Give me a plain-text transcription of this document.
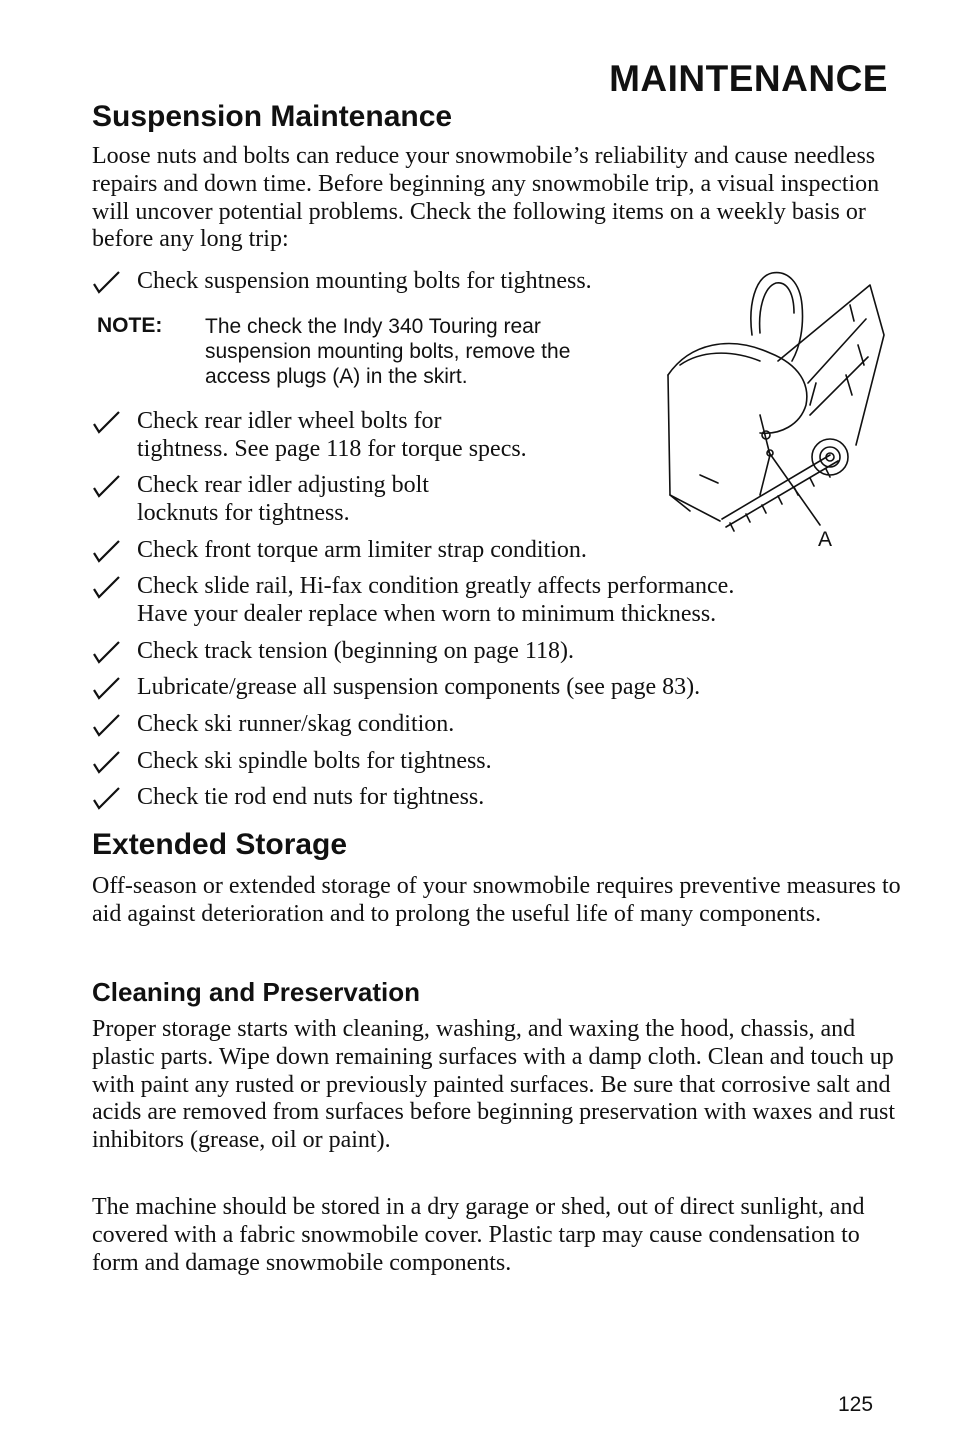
MAINTENANCE
Suspension Maintenance
Loose nuts and bolts can reduce your snowmobile’s reliability and cause needless repairs and down time. Before beginning any snowmobile trip, a visual inspection will uncover potential problems. Check the following items on a weekly basis or before any long trip:
Check suspension mounting bolts for tightness.
NOTE: The check the Indy 340 Touring rear suspension mounting bolts, remove the access plugs (A) in the skirt.
Check rear idler wheel bolts for
tightness. See page 118 for torque specs.
Check rear idler adjusting bolt
locknuts for tightness.
Check front torque arm limiter strap condition.
Check slide rail, Hi-fax condition greatly affects performance.
Have your dealer replace when worn to minimum thickness.
Check track tension (beginning on page 118).
Lubricate/grease all suspension components (see page 83).
Check ski runner/skag condition.
Check ski spindle bolts for tightness.
Check tie rod end nuts for tightness.
A
Extended Storage
Off-season or extended storage of your snowmobile requires preventive measures to aid against deterioration and to prolong the useful life of many components.
Cleaning and Preservation
Proper storage starts with cleaning, washing, and waxing the hood, chassis, and plastic parts. Wipe down remaining surfaces with a damp cloth. Clean and touch up with paint any rusted or previously painted surfaces. Be sure that corrosive salt and acids are removed from surfaces before beginning preservation with waxes and rust inhibitors (grease, oil or paint).
The machine should be stored in a dry garage or shed, out of direct sunlight, and covered with a fabric snowmobile cover. Plastic tarp may cause condensation to form and damage snowmobile components.
125
